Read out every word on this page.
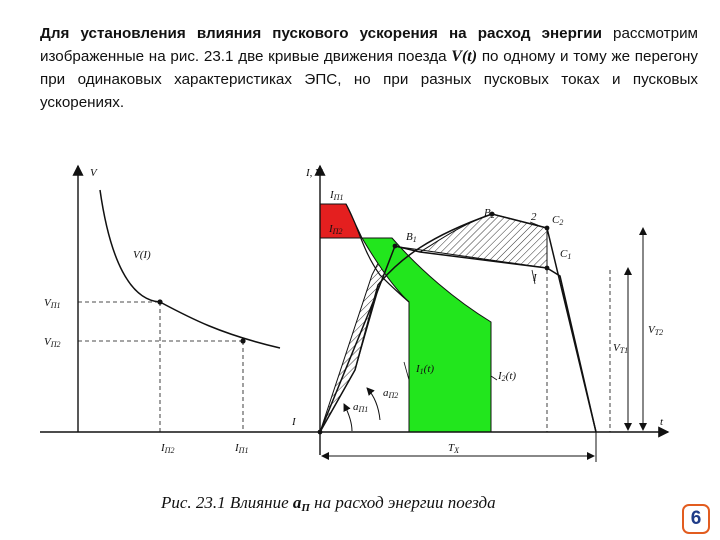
Для установления влияния пускового ускорения на расход энергии рассмотрим изображенные на рис. 23.1 две кривые движения поезда V(t) по одному и тому же перегону при одинаковых характеристиках ЭПС, но при разных пусковых токах и пусковых ускорениях.
V
V(I)
VП1
VП2
IП2	IП1
I, V
IП1
IП2
B2	2 C2
B1
C1
I
I1(t)
I2(t)
aП2
aП1
I	t
TX
VT1
VT2
Рис. 23.1 Влияние aП на расход энергии поезда
6
